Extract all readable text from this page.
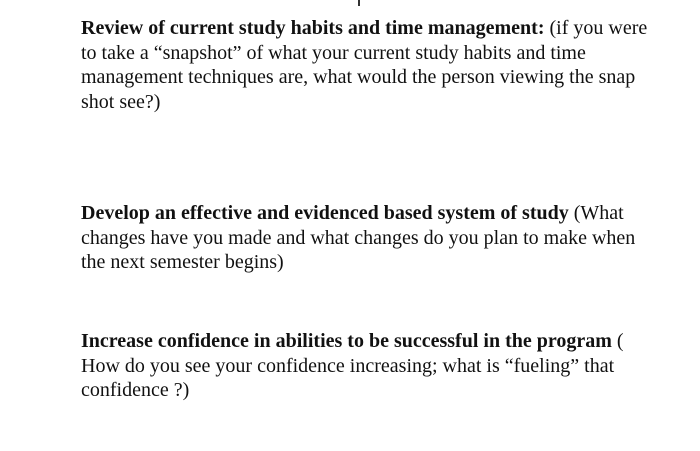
Review of current study habits and time management: (if you were to take a “snapshot” of what your current study habits and time management techniques are, what would the person viewing the snap shot see?)
Develop an effective and evidenced based system of study (What changes have you made and what changes do you plan to make when the next semester begins)
Increase confidence in abilities to be successful in the program ( How do you see your confidence increasing; what is “fueling” that confidence ?)
